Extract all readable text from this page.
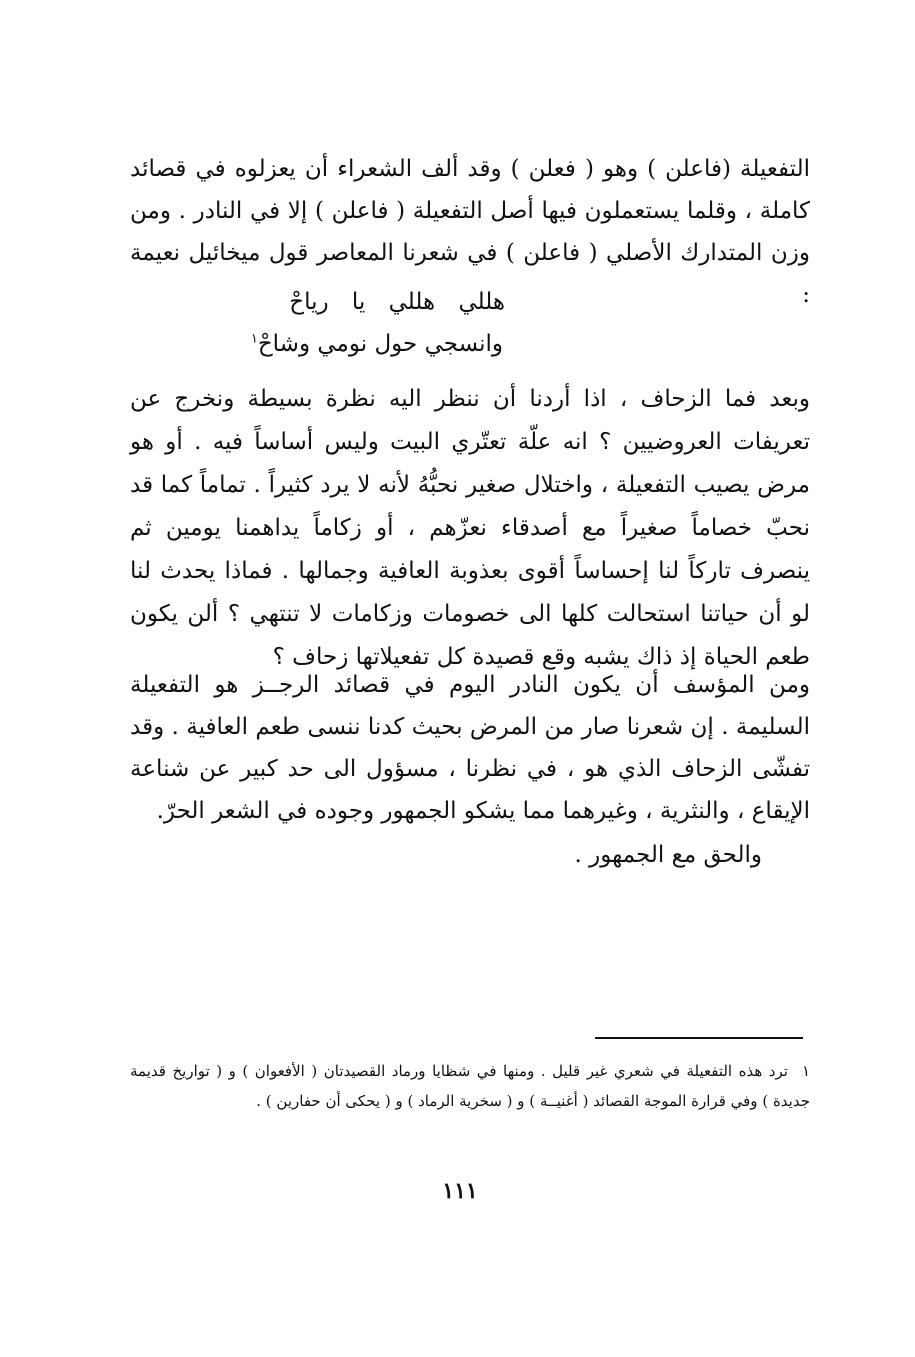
التفعيلة (فاعلن ) وهو ( فعلن ) وقد ألف الشعراء أن يعزلوه في قصائد كاملة ، وقلما يستعملون فيها أصل التفعيلة ( فاعلن ) إلا في النادر . ومن وزن المتدارك الأصلي ( فاعلن ) في شعرنا المعاصر قول ميخائيل نعيمة :

هللي هللي يا رياحْ

وانسجي حول نومي وشاحْ$^١$

وبعد فما الزحاف ، اذا أردنا أن ننظر اليه نظرة بسيطة ونخرج عن تعريفات العروضيين ؟ انه علّة تعتّري البيت وليس أساساً فيه . أو هو مرض يصيب التفعيلة ، واختلال صغير نحبُّهُ لأنه لا يرد كثيراً . تماماً كما قد نحبّ خصاماً صغيراً مع أصدقاء نعزّهم ، أو زكاماً يداهمنا يومين ثم ينصرف تاركاً لنا إحساساً أقوى بعذوبة العافية وجمالها . فماذا يحدث لنا لو أن حياتنا استحالت كلها الى خصومات وزكامات لا تنتهي ؟ ألن يكون طعم الحياة إذ ذاك يشبه وقع قصيدة كل تفعيلاتها زحاف ؟

ومن المؤسف أن يكون النادر اليوم في قصائد الرجــز هو التفعيلة السليمة . إن شعرنا صار من المرض بحيث كدنا ننسى طعم العافية . وقد تفشّى الزحاف الذي هو ، في نظرنا ، مسؤول الى حد كبير عن شناعة الإيقاع ، والنثرية ، وغيرهما مما يشكو الجمهور وجوده في الشعر الحرّ.

والحق مع الجمهور .

١ترد هذه التفعيلة في شعري غير قليل . ومنها في شظايا ورماد القصيدتان ( الأفعوان ) و ( تواريخ قديمة جديدة ) وفي قرارة الموجة القصائد ( أغنيــة ) و ( سخرية الرماد ) و ( يحكى أن حفارين ) .

١١١
